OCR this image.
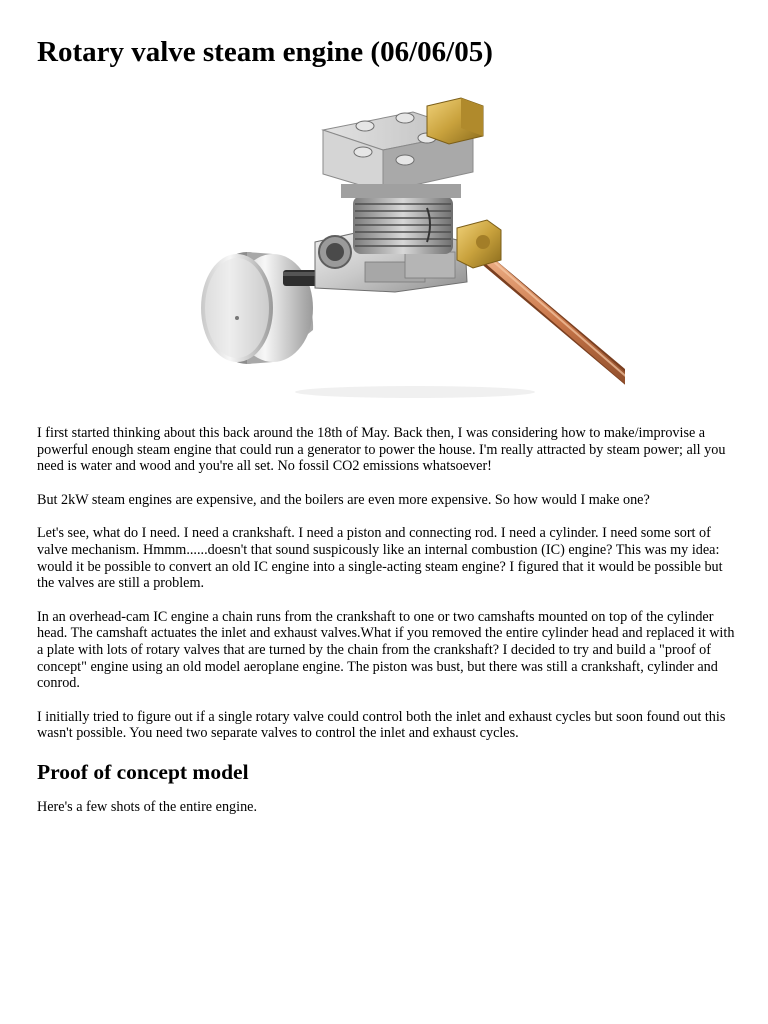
Rotary valve steam engine (06/06/05)

I first started thinking about this back around the 18th of May. Back then, I was considering how to make/improvise a powerful enough steam engine that could run a generator to power the house. I'm really attracted by steam power; all you need is water and wood and you're all set. No fossil CO2 emissions whatsoever!

But 2kW steam engines are expensive, and the boilers are even more expensive. So how would I make one?

Let's see, what do I need. I need a crankshaft. I need a piston and connecting rod. I need a cylinder. I need some sort of valve mechanism. Hmmm......doesn't that sound suspicously like an internal combustion (IC) engine? This was my idea: would it be possible to convert an old IC engine into a single-acting steam engine? I figured that it would be possible but the valves are still a problem.

In an overhead-cam IC engine a chain runs from the crankshaft to one or two camshafts mounted on top of the cylinder head. The camshaft actuates the inlet and exhaust valves.What if you removed the entire cylinder head and replaced it with a plate with lots of rotary valves that are turned by the chain from the crankshaft? I decided to try and build a "proof of concept" engine using an old model aeroplane engine. The piston was bust, but there was still a crankshaft, cylinder and conrod.

I initially tried to figure out if a single rotary valve could control both the inlet and exhaust cycles but soon found out this wasn't possible. You need two separate valves to control the inlet and exhaust cycles.

Proof of concept model

Here's a few shots of the entire engine.
